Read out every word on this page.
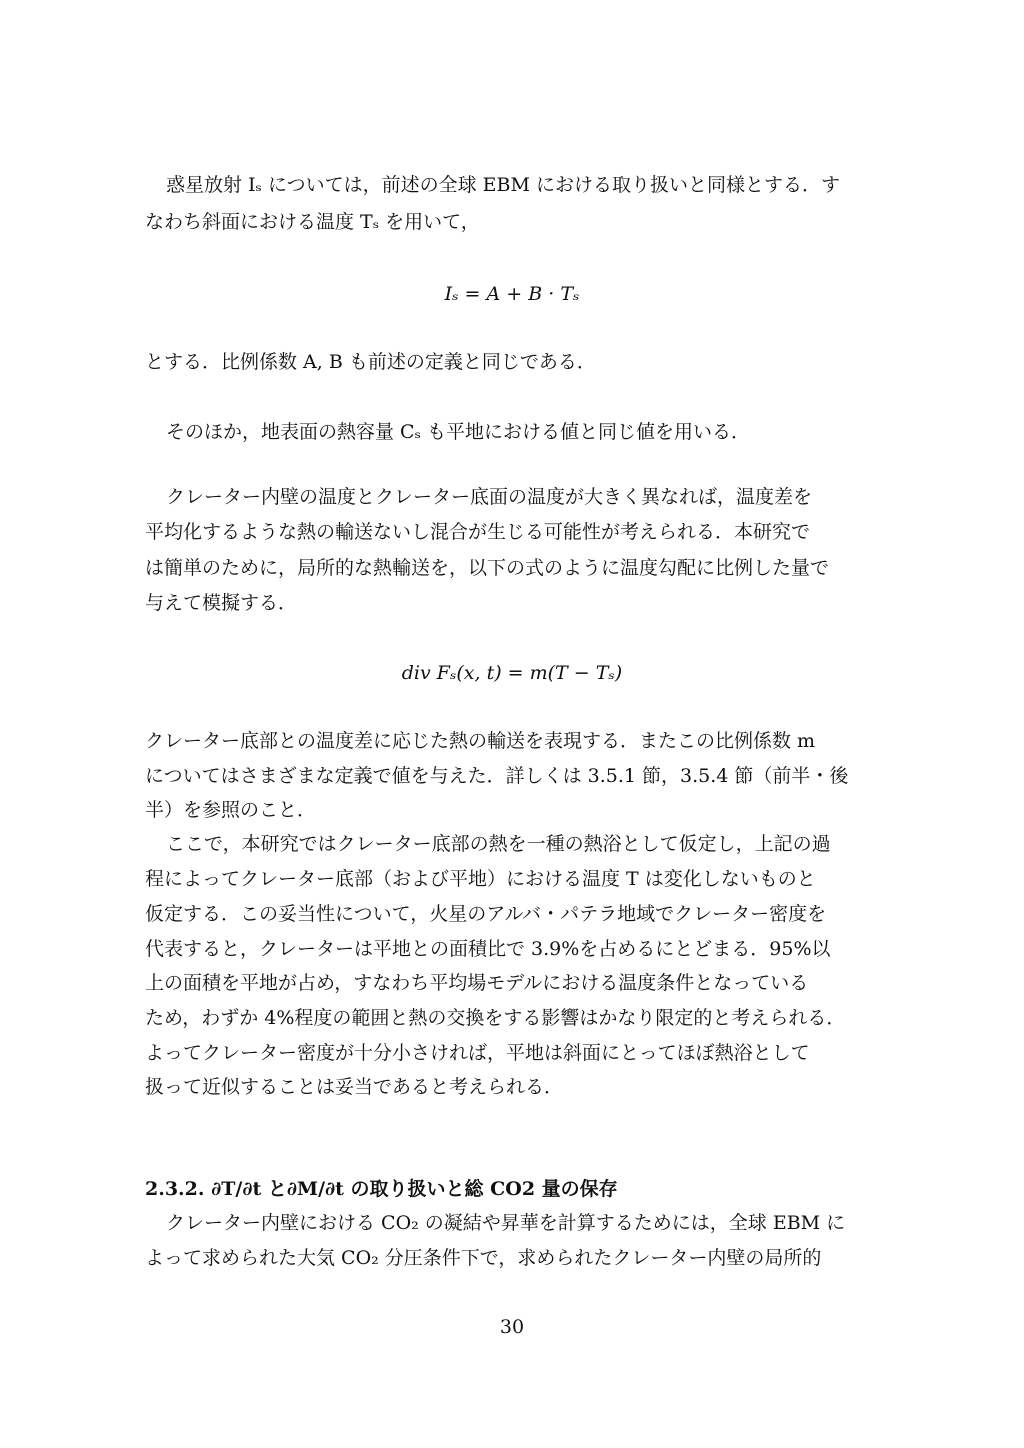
惑星放射 Iₛ については，前述の全球 EBM における取り扱いと同様とする．す
なわち斜面における温度 Tₛ を用いて，
Iₛ = A + B · Tₛ
とする．比例係数 A, B も前述の定義と同じである．
そのほか，地表面の熱容量 Cₛ も平地における値と同じ値を用いる．
クレーター内壁の温度とクレーター底面の温度が大きく異なれば，温度差を
平均化するような熱の輸送ないし混合が生じる可能性が考えられる．本研究で
は簡単のために，局所的な熱輸送を，以下の式のように温度勾配に比例した量で
与えて模擬する．
div Fₛ(x, t) = m(T − Tₛ)
クレーター底部との温度差に応じた熱の輸送を表現する．またこの比例係数 m
についてはさまざまな定義で値を与えた．詳しくは 3.5.1 節，3.5.4 節（前半・後
半）を参照のこと．
ここで，本研究ではクレーター底部の熱を一種の熱浴として仮定し，上記の過
程によってクレーター底部（および平地）における温度 T は変化しないものと
仮定する．この妥当性について，火星のアルバ・パテラ地域でクレーター密度を
代表すると，クレーターは平地との面積比で 3.9%を占めるにとどまる．95%以
上の面積を平地が占め，すなわち平均場モデルにおける温度条件となっている
ため，わずか 4%程度の範囲と熱の交換をする影響はかなり限定的と考えられる．
よってクレーター密度が十分小さければ，平地は斜面にとってほぼ熱浴として
扱って近似することは妥当であると考えられる．
2.3.2. ∂T/∂t と∂M/∂t の取り扱いと総 CO2 量の保存
クレーター内壁における CO₂ の凝結や昇華を計算するためには，全球 EBM に
よって求められた大気 CO₂ 分圧条件下で，求められたクレーター内壁の局所的
30
